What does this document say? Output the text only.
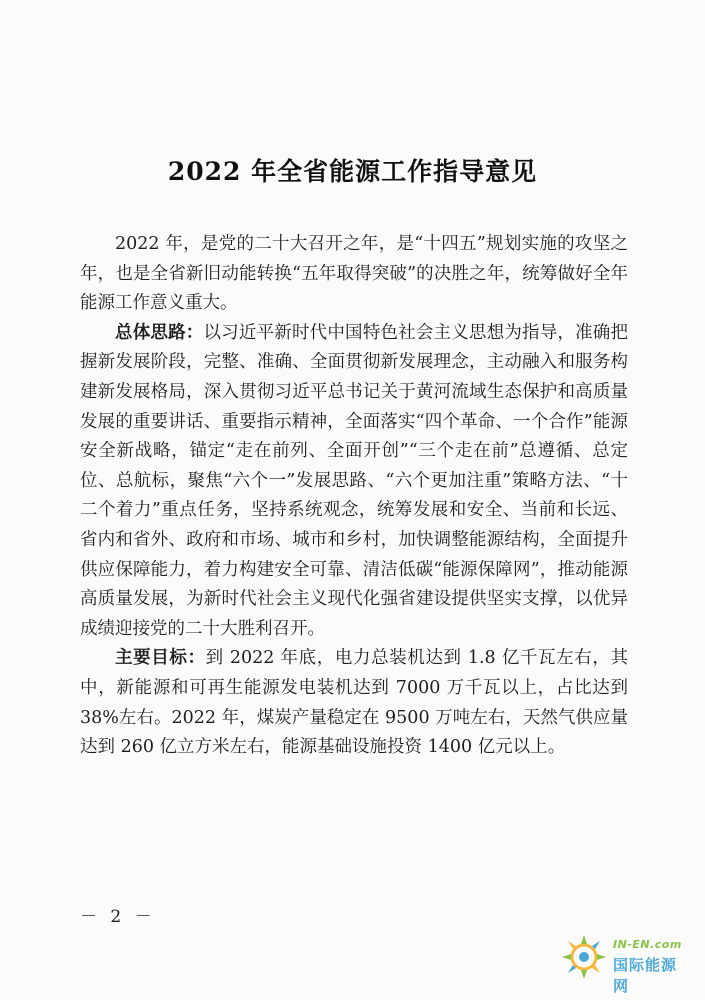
2022 年全省能源工作指导意见

2022 年，是党的二十大召开之年，是“十四五”规划实施的攻坚之年，也是全省新旧动能转换“五年取得突破”的决胜之年，统筹做好全年能源工作意义重大。

总体思路：以习近平新时代中国特色社会主义思想为指导，准确把握新发展阶段，完整、准确、全面贯彻新发展理念，主动融入和服务构建新发展格局，深入贯彻习近平总书记关于黄河流域生态保护和高质量发展的重要讲话、重要指示精神，全面落实“四个革命、一个合作”能源安全新战略，锚定“走在前列、全面开创”“三个走在前”总遵循、总定位、总航标，聚焦“六个一”发展思路、“六个更加注重”策略方法、“十二个着力”重点任务，坚持系统观念，统筹发展和安全、当前和长远、省内和省外、政府和市场、城市和乡村，加快调整能源结构，全面提升供应保障能力，着力构建安全可靠、清洁低碳“能源保障网”，推动能源高质量发展，为新时代社会主义现代化强省建设提供坚实支撑，以优异成绩迎接党的二十大胜利召开。

主要目标：到 2022 年底，电力总装机达到 1.8 亿千瓦左右，其中，新能源和可再生能源发电装机达到 7000 万千瓦以上，占比达到 38%左右。2022 年，煤炭产量稳定在 9500 万吨左右，天然气供应量达到 260 亿立方米左右，能源基础设施投资 1400 亿元以上。

－ 2 －
IN-EN.com
国际能源网
